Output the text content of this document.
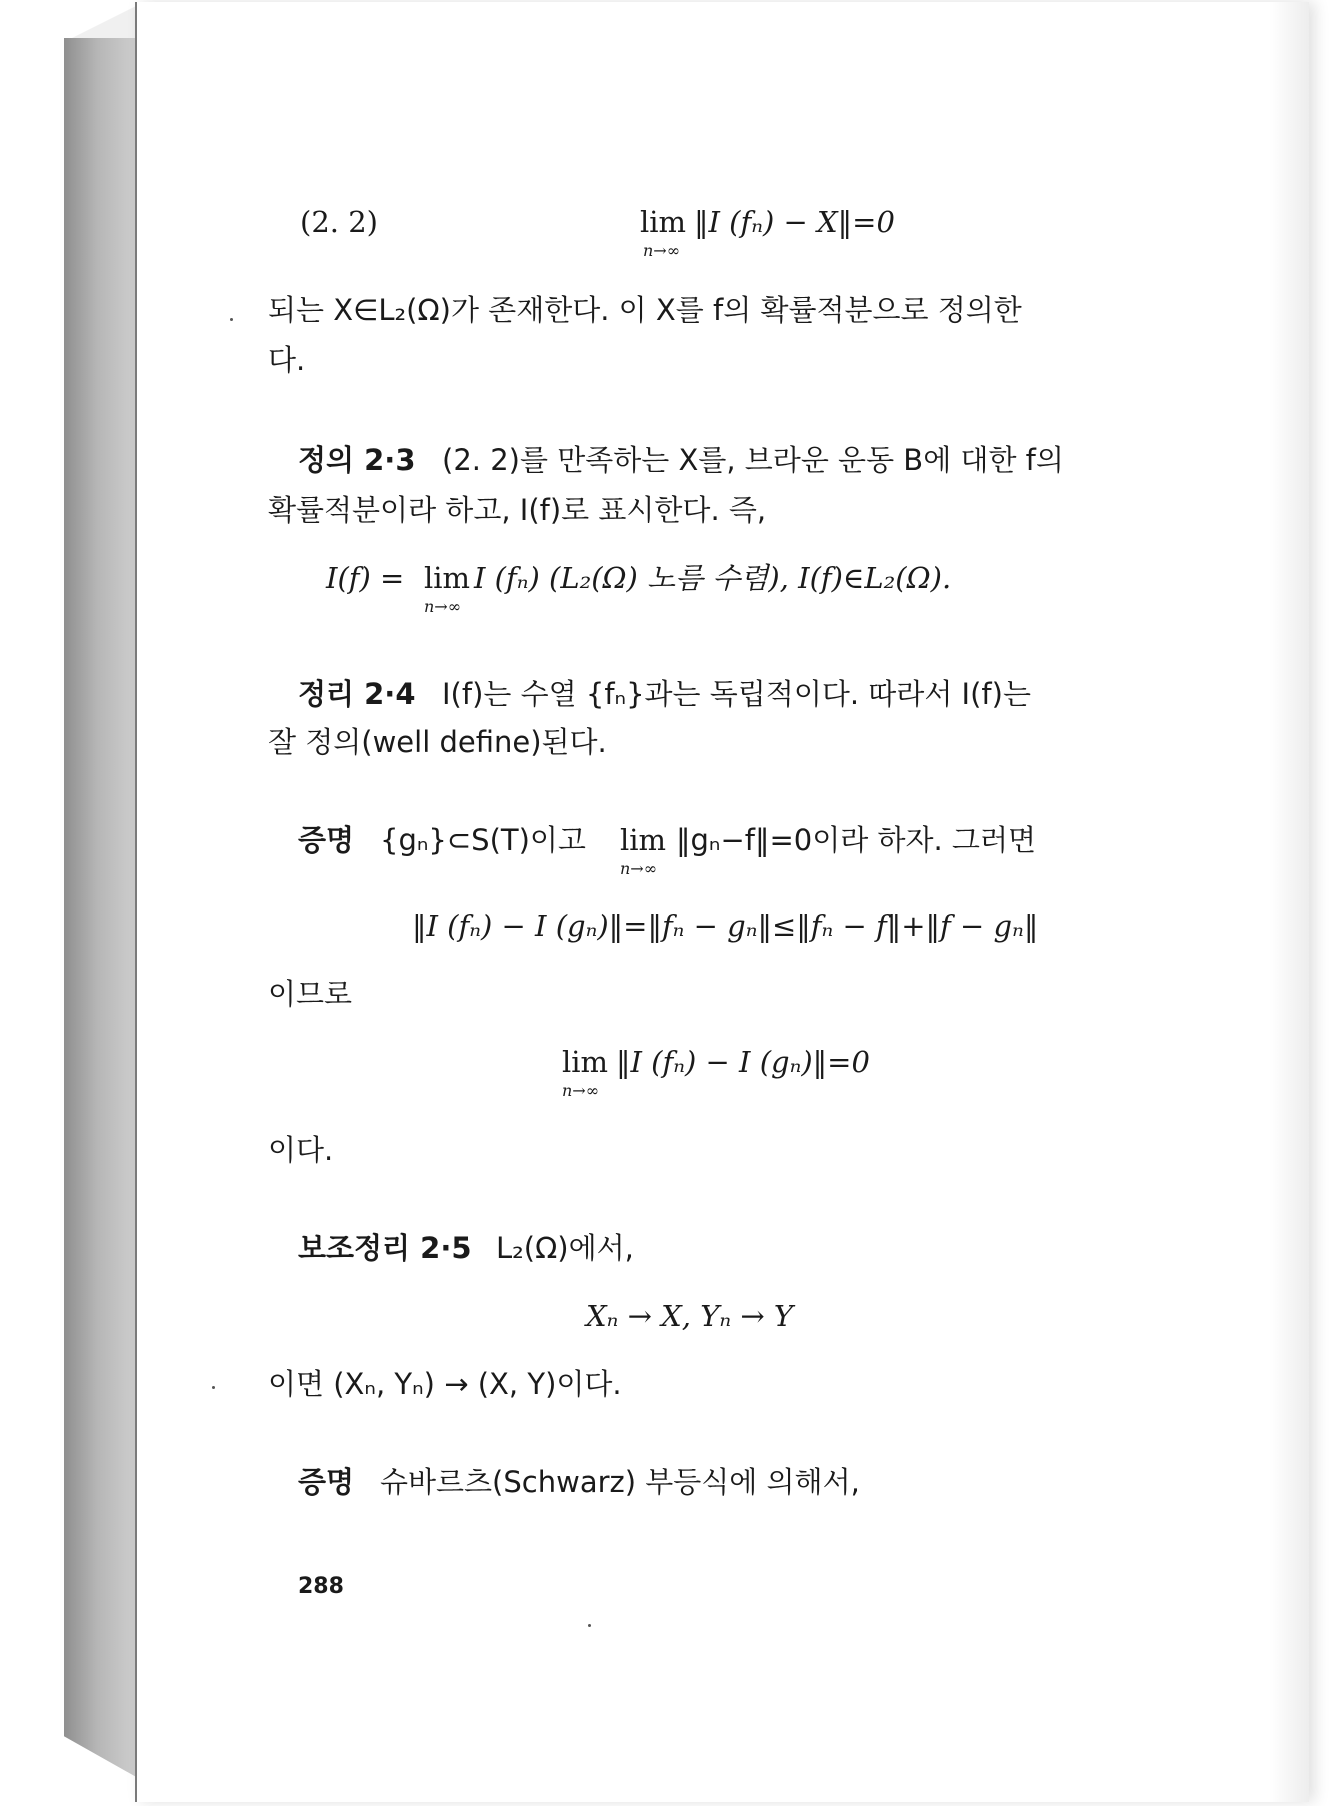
(2. 2)	lim
n→∞
‖I (fₙ) − X‖=0
되는 X∈L₂(Ω)가 존재한다. 이 X를 f의 확률적분으로 정의한
다.
정의 2·3 (2. 2)를 만족하는 X를, 브라운 운동 B에 대한 f의
확률적분이라 하고, I(f)로 표시한다. 즉,
I(f) = lim
n→∞
I (fₙ) (L₂(Ω) 노름 수렴), I(f)∈L₂(Ω).
정리 2·4 I(f)는 수열 {fₙ}과는 독립적이다. 따라서 I(f)는
잘 정의(well define)된다.
증명 {gₙ}⊂S(T)이고 lim
n→∞
‖gₙ−f‖=0이라 하자. 그러면
‖I (fₙ) − I (gₙ)‖=‖fₙ − gₙ‖≤‖fₙ − f‖+‖f − gₙ‖
이므로
lim
n→∞
‖I (fₙ) − I (gₙ)‖=0
이다.
보조정리 2·5 L₂(Ω)에서,
Xₙ → X, Yₙ → Y
이면 (Xₙ, Yₙ) → (X, Y)이다.
증명 슈바르츠(Schwarz) 부등식에 의해서,
288
